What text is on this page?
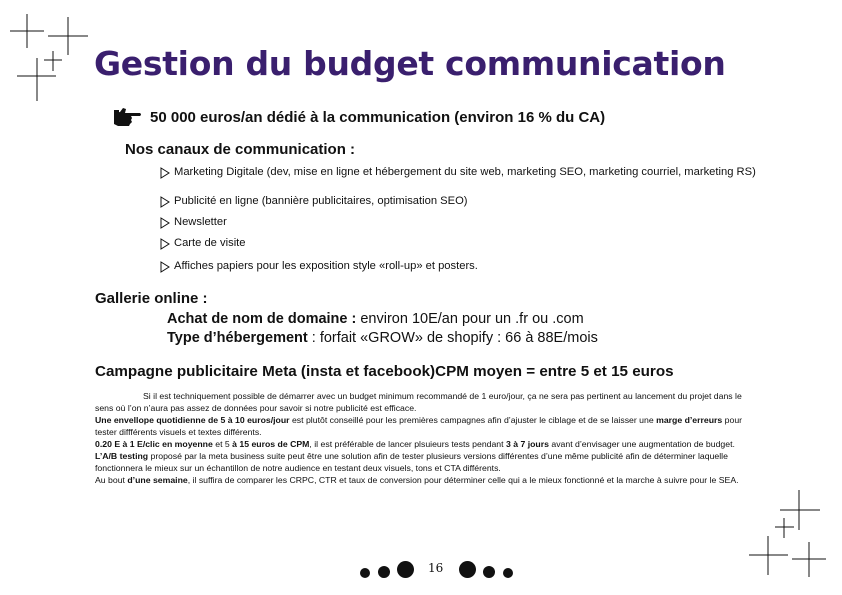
Gestion du budget communication
50 000 euros/an dédié à la communication (environ 16 % du CA)
Nos canaux de communication :
Marketing Digitale (dev, mise en ligne et hébergement du site web, marketing SEO, marketing courriel, marketing RS)
Publicité en ligne (bannière publicitaires, optimisation SEO)
Newsletter
Carte de visite
Affiches papiers pour les exposition style «roll-up» et posters.
Gallerie online :
Achat de nom de domaine : environ 10E/an pour un .fr ou .com
Type d’hébergement : forfait «GROW» de shopify : 66 à 88E/mois
Campagne publicitaire Meta (insta et facebook)CPM moyen = entre 5 et 15 euros

Si il est techniquement possible de démarrer avec un budget minimum recommandé de 1 euro/jour, ça ne sera pas pertinent au lancement du projet dans le sens où l’on n’aura pas assez de données pour savoir si notre publicité est efficace.

Une envellope quotidienne de 5 à 10 euros/jour est plutôt conseillé pour les premières campagnes afin d’ajuster le ciblage et de se laisser une marge d’erreurs pour tester diffférents visuels et textes différents.

0.20 E à 1 E/clic en moyenne et 5 à 15 euros de CPM, il est préférable de lancer plsuieurs tests pendant 3 à 7 jours avant d’envisager une augmentation de budget.

L’A/B testing proposé par la meta business suite peut être une solution afin de tester plusieurs versions différentes d’une même publicité afin de déterminer laquelle fonctionnera le mieux sur un échantillon de notre audience en testant deux visuels, tons et CTA différents.

Au bout d’une semaine, il suffira de comparer les CRPC, CTR et taux de conversion pour déterminer celle qui a le mieux fonctionné et la marche à suivre pour le SEA.

16
